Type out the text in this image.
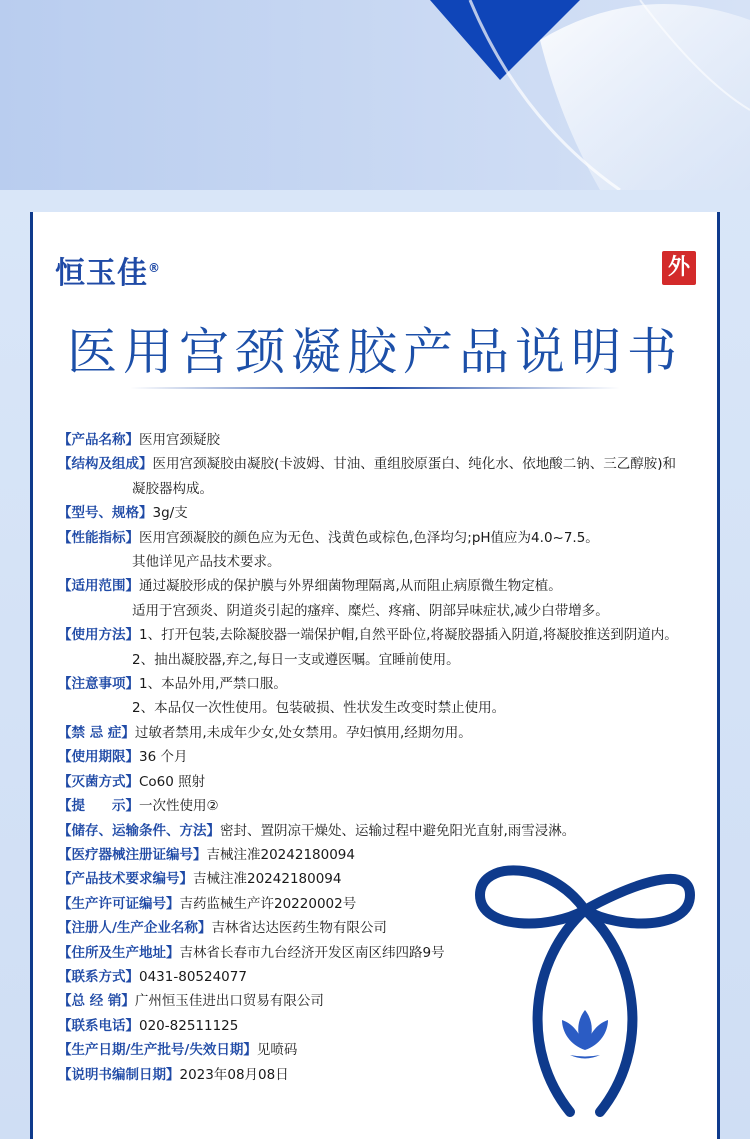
恒玉佳®	外
医用宫颈凝胶产品说明书
【产品名称】医用宫颈疑胶
【结构及组成】医用宫颈凝胶由凝胶(卡波姆、甘油、重组胶原蛋白、纯化水、依地酸二钠、三乙醇胺)和
凝胶器构成。
【型号、规格】3g/支
【性能指标】医用宫颈凝胶的颜色应为无色、浅黄色或棕色,色泽均匀;pH值应为4.0~7.5。
其他详见产品技术要求。
【适用范围】通过凝胶形成的保护膜与外界细菌物理隔离,从而阻止病原微生物定植。
适用于宫颈炎、阴道炎引起的瘙痒、糜烂、疼痛、阴部异味症状,减少白带增多。
【使用方法】1、打开包装,去除凝胶器一端保护帽,自然平卧位,将凝胶器插入阴道,将凝胶推送到阴道内。
2、抽出凝胶器,弃之,每日一支或遵医嘱。宜睡前使用。
【注意事项】1、本品外用,严禁口服。
2、本品仅一次性使用。包装破损、性状发生改变时禁止使用。
【禁 忌 症】过敏者禁用,未成年少女,处女禁用。孕妇慎用,经期勿用。
【使用期限】36 个月
【灭菌方式】Co60 照射
【提　　示】一次性使用②
【储存、运输条件、方法】密封、置阴凉干燥处、运输过程中避免阳光直射,雨雪浸淋。
【医疗器械注册证编号】吉械注准20242180094
【产品技术要求编号】吉械注准20242180094
【生产许可证编号】吉药监械生产许20220002号
【注册人/生产企业名称】吉林省达达医药生物有限公司
【住所及生产地址】吉林省长春市九台经济开发区南区纬四路9号
【联系方式】0431-80524077
【总 经 销】广州恒玉佳进出口贸易有限公司
【联系电话】020-82511125
【生产日期/生产批号/失效日期】见喷码
【说明书编制日期】2023年08月08日
